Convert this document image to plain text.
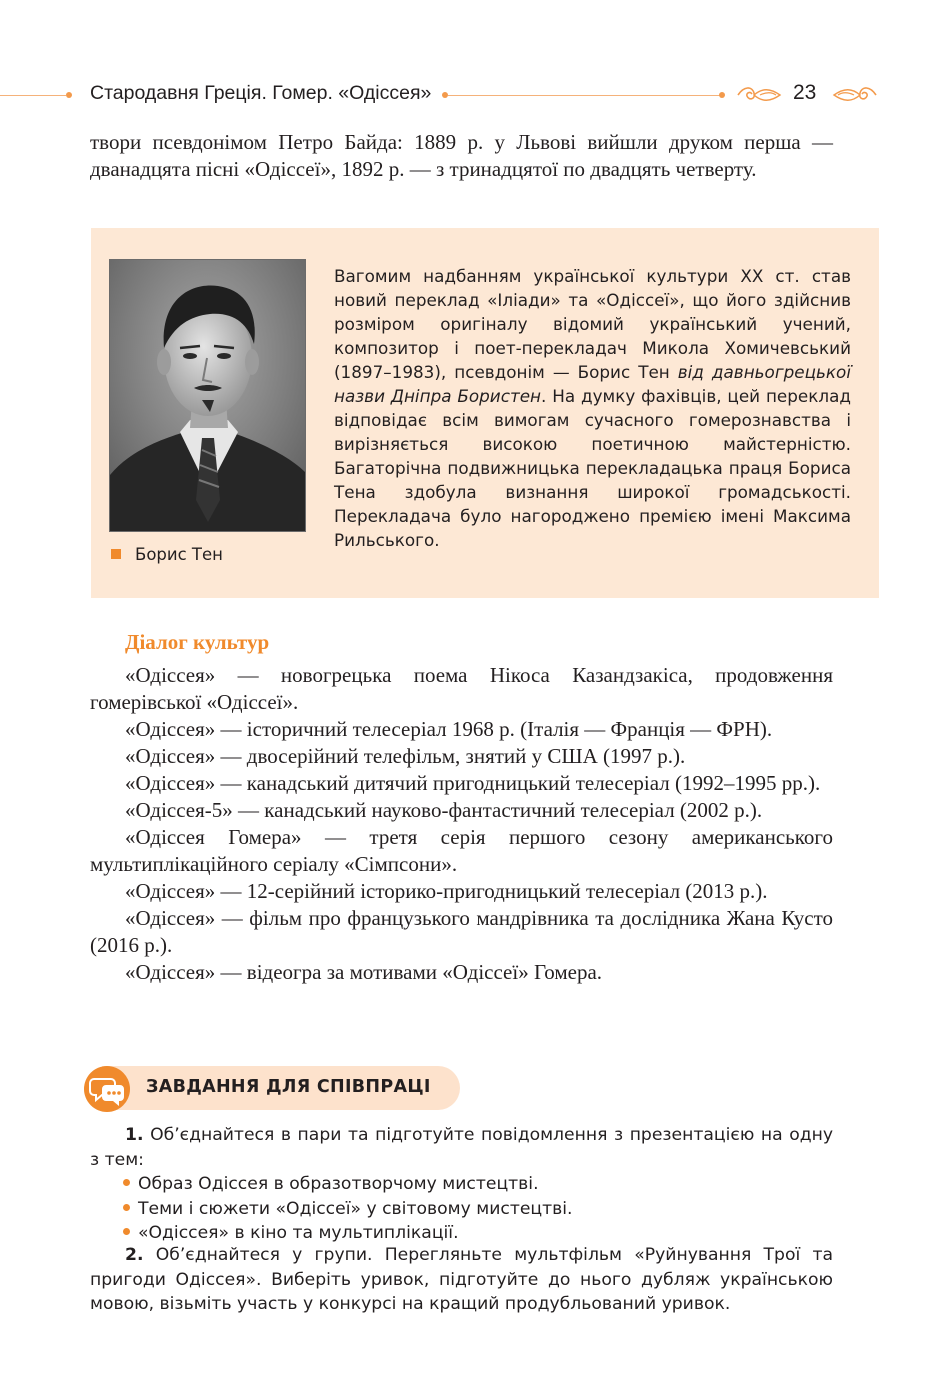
Стародавня Греція. Гомер. «Одіссея»	23

твори псевдонімом Петро Байда: 1889 р. у Львові вийшли друком перша — дванадцята пісні «Одіссеї», 1892 р. — з тринадцятої по двадцять четверту.

Борис Тен

Вагомим надбанням української культури ХХ ст. став новий переклад «Іліади» та «Одіссеї», що його здійснив розміром оригіналу відомий український учений, композитор і поет-перекладач Микола Хомичевський (1897–1983), псевдонім — Борис Тен від давньогрецької назви Дніпра Бористен. На думку фахівців, цей переклад відповідає всім вимогам сучасного гомерознавства і вирізняється високою поетичною майстерністю. Багаторічна подвижницька перекладацька праця Бориса Тена здобула визнання широкої громадськості. Перекладача було нагороджено премією імені Максима Рильського.

Діалог культур
«Одіссея» — новогрецька поема Нікоса Казандзакіса, продовження гомерівської «Одіссеї».
«Одіссея» — історичний телесеріал 1968 р. (Італія — Франція — ФРН).
«Одіссея» — двосерійний телефільм, знятий у США (1997 р.).
«Одіссея» — канадський дитячий пригодницький телесеріал (1992–1995 рр.).
«Одіссея-5» — канадський науково-фантастичний телесеріал (2002 р.).
«Одіссея Гомера» — третя серія першого сезону американського мультиплікаційного серіалу «Сімпсони».
«Одіссея» — 12-серійний історико-пригодницький телесеріал (2013 р.).
«Одіссея» — фільм про французького мандрівника та дослідника Жана Кусто (2016 р.).
«Одіссея» — відеогра за мотивами «Одіссеї» Гомера.
ЗАВДАННЯ ДЛЯ СПІВПРАЦІ

1. Об’єднайтеся в пари та підготуйте повідомлення з презентацією на одну з тем:

Образ Одіссея в образотворчому мистецтві.
Теми і сюжети «Одіссеї» у світовому мистецтві.
«Одіссея» в кіно та мультиплікації.

2. Об’єднайтеся у групи. Перегляньте мультфільм «Руйнування Трої та пригоди Одіссея». Виберіть уривок, підготуйте до нього дубляж українською мовою, візьміть участь у конкурсі на кращий продубльований уривок.
